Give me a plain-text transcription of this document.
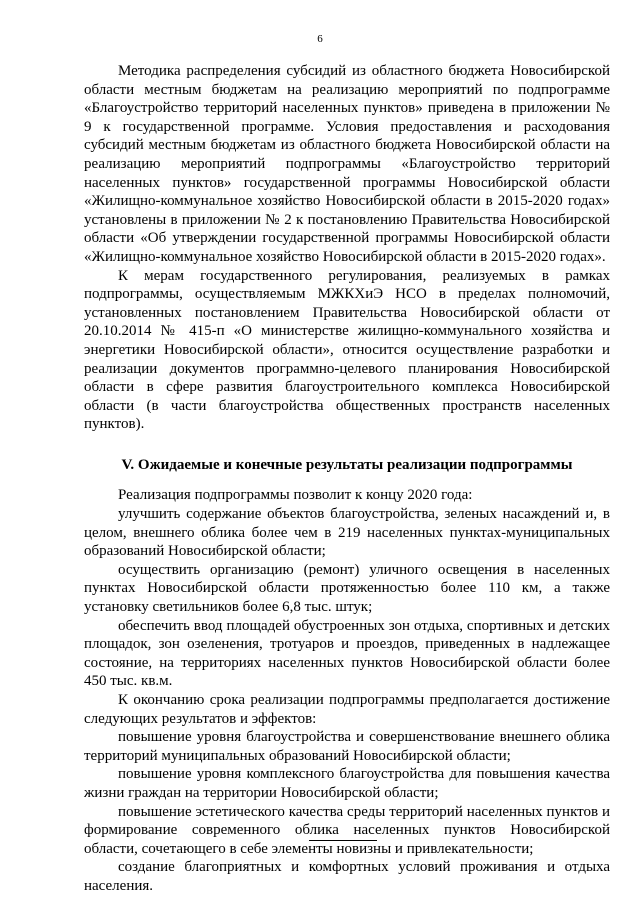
6

Методика распределения субсидий из областного бюджета Новосибирской области местным бюджетам на реализацию мероприятий по подпрограмме «Благоустройство территорий населенных пунктов» приведена в приложении № 9 к государственной программе. Условия предоставления и расходования субсидий местным бюджетам из областного бюджета Новосибирской области на реализацию мероприятий подпрограммы «Благоустройство территорий населенных пунктов» государственной программы Новосибирской области «Жилищно-коммунальное хозяйство Новосибирской области в 2015-2020 годах» установлены в приложении № 2 к постановлению Правительства Новосибирской области «Об утверждении государственной программы Новосибирской области «Жилищно-коммунальное хозяйство Новосибирской области в 2015-2020 годах».

К мерам государственного регулирования, реализуемых в рамках подпрограммы, осуществляемым МЖКХиЭ НСО в пределах полномочий, установленных постановлением Правительства Новосибирской области от 20.10.2014 № 415-п «О министерстве жилищно-коммунального хозяйства и энергетики Новосибирской области», относится осуществление разработки и реализации документов программно-целевого планирования Новосибирской области в сфере развития благоустроительного комплекса Новосибирской области (в части благоустройства общественных пространств населенных пунктов).

V. Ожидаемые и конечные результаты реализации подпрограммы

Реализация подпрограммы позволит к концу 2020 года:

улучшить содержание объектов благоустройства, зеленых насаждений и, в целом, внешнего облика более чем в 219 населенных пунктах-муниципальных образований Новосибирской области;

осуществить организацию (ремонт) уличного освещения в населенных пунктах Новосибирской области протяженностью более 110 км, а также установку светильников более 6,8 тыс. штук;

обеспечить ввод площадей обустроенных зон отдыха, спортивных и детских площадок, зон озеленения, тротуаров и проездов, приведенных в надлежащее состояние, на территориях населенных пунктов Новосибирской области более 450 тыс. кв.м.

К окончанию срока реализации подпрограммы предполагается достижение следующих результатов и эффектов:

повышение уровня благоустройства и совершенствование внешнего облика территорий муниципальных образований Новосибирской области;

повышение уровня комплексного благоустройства для повышения качества жизни граждан на территории Новосибирской области;

повышение эстетического качества среды территорий населенных пунктов и формирование современного облика населенных пунктов Новосибирской области, сочетающего в себе элементы новизны и привлекательности;

создание благоприятных и комфортных условий проживания и отдыха населения.
